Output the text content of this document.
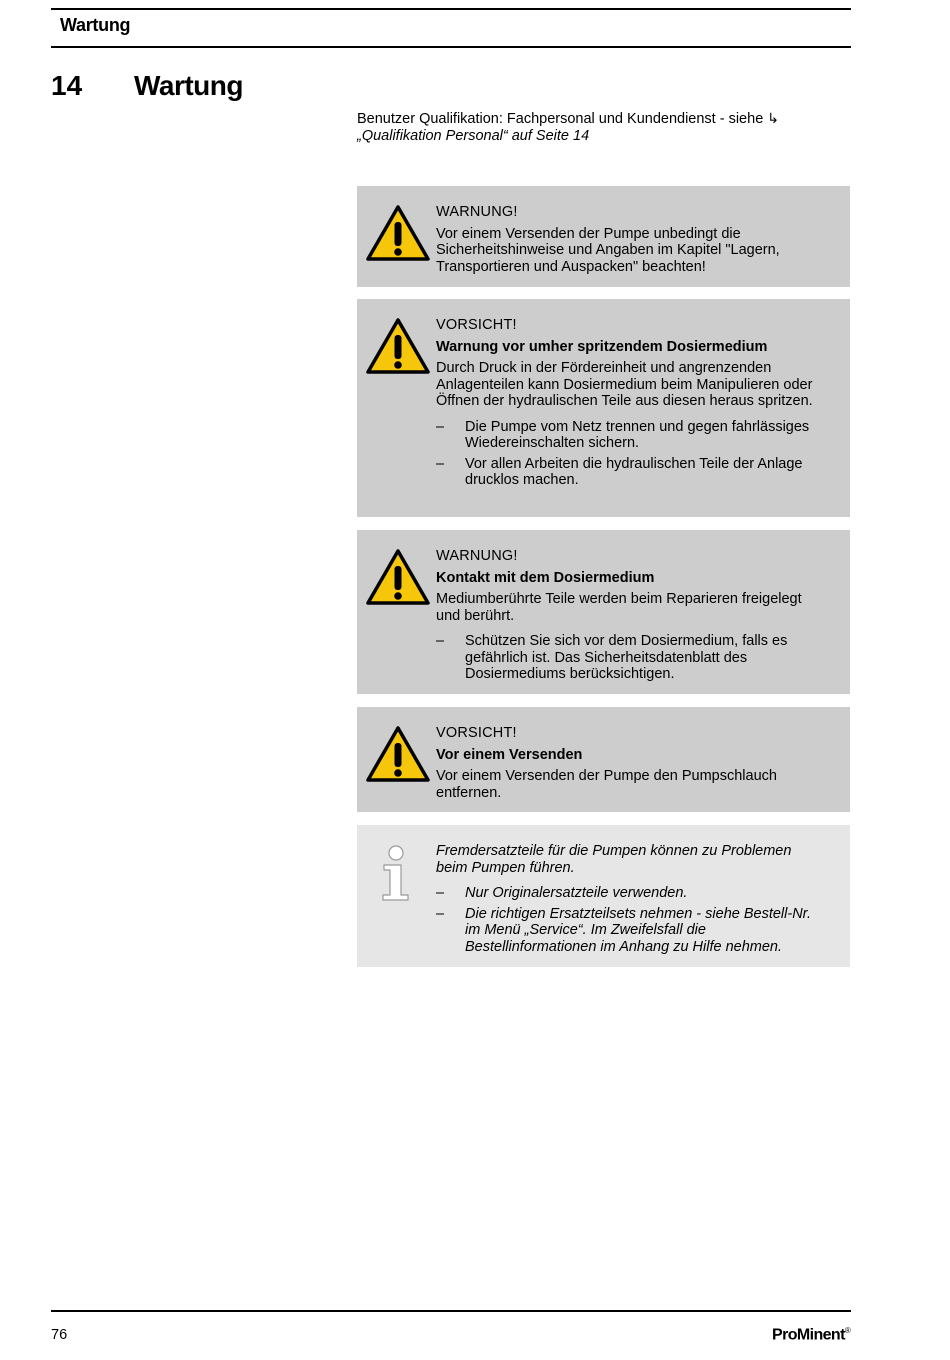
Wartung
14 Wartung
Benutzer Qualifikation: Fachpersonal und Kundendienst - siehe ↳ „Qualifikation Personal“ auf Seite 14
WARNUNG!

Vor einem Versenden der Pumpe unbedingt die Sicherheitshinweise und Angaben im Kapitel "Lagern, Transportieren und Auspacken" beachten!

VORSICHT!
Warnung vor umher spritzendem Dosiermedium

Durch Druck in der Fördereinheit und angrenzenden Anlagenteilen kann Dosiermedium beim Manipulieren oder Öffnen der hydraulischen Teile aus diesen heraus spritzen.

– Die Pumpe vom Netz trennen und gegen fahrlässiges Wiedereinschalten sichern.
– Vor allen Arbeiten die hydraulischen Teile der Anlage drucklos machen.
WARNUNG!
Kontakt mit dem Dosiermedium

Mediumberührte Teile werden beim Reparieren freigelegt und berührt.

– Schützen Sie sich vor dem Dosiermedium, falls es gefährlich ist. Das Sicherheitsdatenblatt des Dosiermediums berücksichtigen.
VORSICHT!
Vor einem Versenden

Vor einem Versenden der Pumpe den Pumpschlauch entfernen.

Fremdersatzteile für die Pumpen können zu Problemen beim Pumpen führen.

– Nur Originalersatzteile verwenden.
– Die richtigen Ersatzteilsets nehmen - siehe Bestell-Nr. im Menü „Service“. Im Zweifelsfall die Bestellinformationen im Anhang zu Hilfe nehmen.
76	ProMinent®
